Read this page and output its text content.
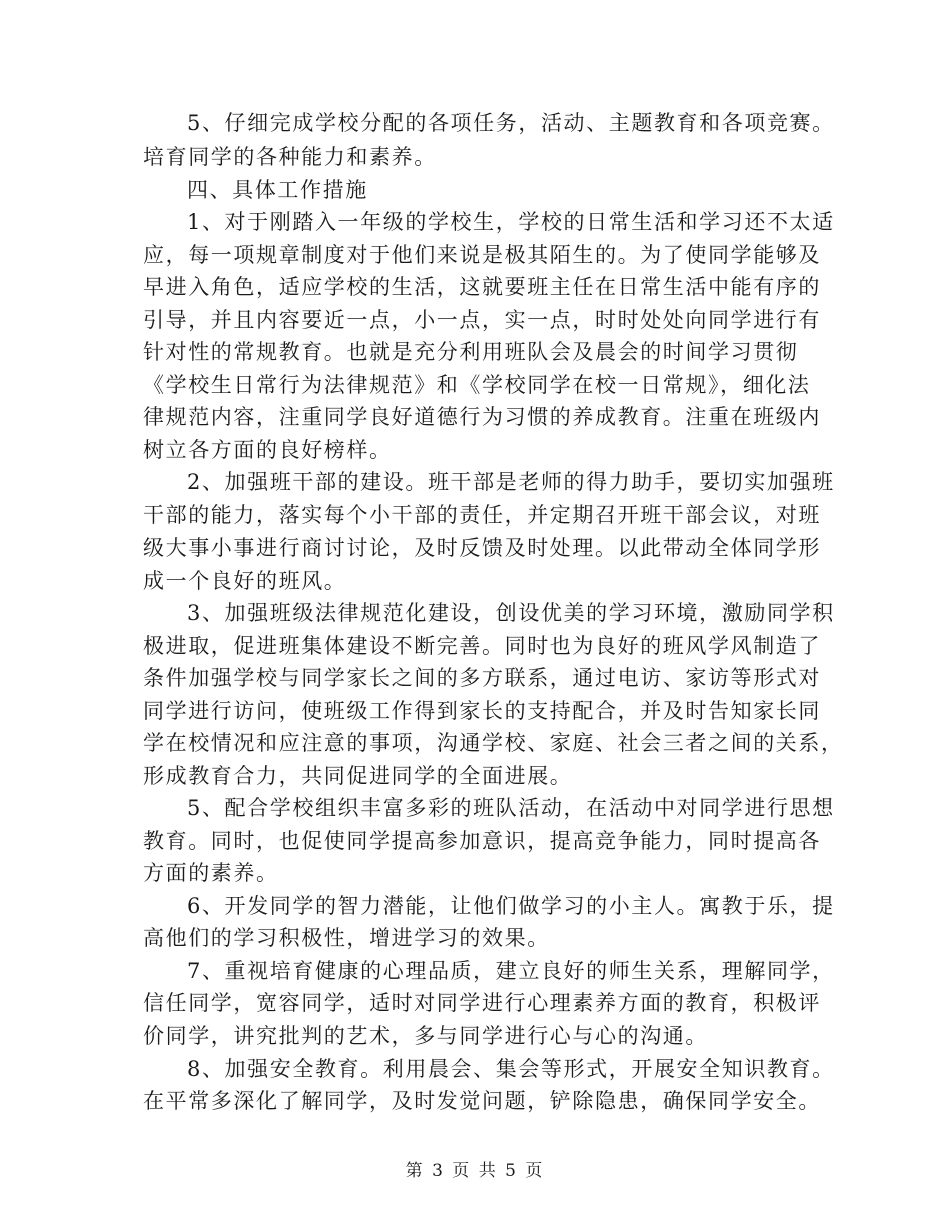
5、仔细完成学校分配的各项任务，活动、主题教育和各项竞赛。
培育同学的各种能力和素养。
四、具体工作措施
1、对于刚踏入一年级的学校生，学校的日常生活和学习还不太适
应，每一项规章制度对于他们来说是极其陌生的。为了使同学能够及
早进入角色，适应学校的生活，这就要班主任在日常生活中能有序的
引导，并且内容要近一点，小一点，实一点，时时处处向同学进行有
针对性的常规教育。也就是充分利用班队会及晨会的时间学习贯彻
《学校生日常行为法律规范》和《学校同学在校一日常规》，细化法
律规范内容，注重同学良好道德行为习惯的养成教育。注重在班级内
树立各方面的良好榜样。
2、加强班干部的建设。班干部是老师的得力助手，要切实加强班
干部的能力，落实每个小干部的责任，并定期召开班干部会议，对班
级大事小事进行商讨讨论，及时反馈及时处理。以此带动全体同学形
成一个良好的班风。
3、加强班级法律规范化建设，创设优美的学习环境，激励同学积
极进取，促进班集体建设不断完善。同时也为良好的班风学风制造了
条件加强学校与同学家长之间的多方联系，通过电访、家访等形式对
同学进行访问，使班级工作得到家长的支持配合，并及时告知家长同
学在校情况和应注意的事项，沟通学校、家庭、社会三者之间的关系，
形成教育合力，共同促进同学的全面进展。
5、配合学校组织丰富多彩的班队活动，在活动中对同学进行思想
教育。同时，也促使同学提高参加意识，提高竞争能力，同时提高各
方面的素养。
6、开发同学的智力潜能，让他们做学习的小主人。寓教于乐，提
高他们的学习积极性，增进学习的效果。
7、重视培育健康的心理品质，建立良好的师生关系，理解同学，
信任同学，宽容同学，适时对同学进行心理素养方面的教育，积极评
价同学，讲究批判的艺术，多与同学进行心与心的沟通。
8、加强安全教育。利用晨会、集会等形式，开展安全知识教育。
在平常多深化了解同学，及时发觉问题，铲除隐患，确保同学安全。
第 3 页 共 5 页
